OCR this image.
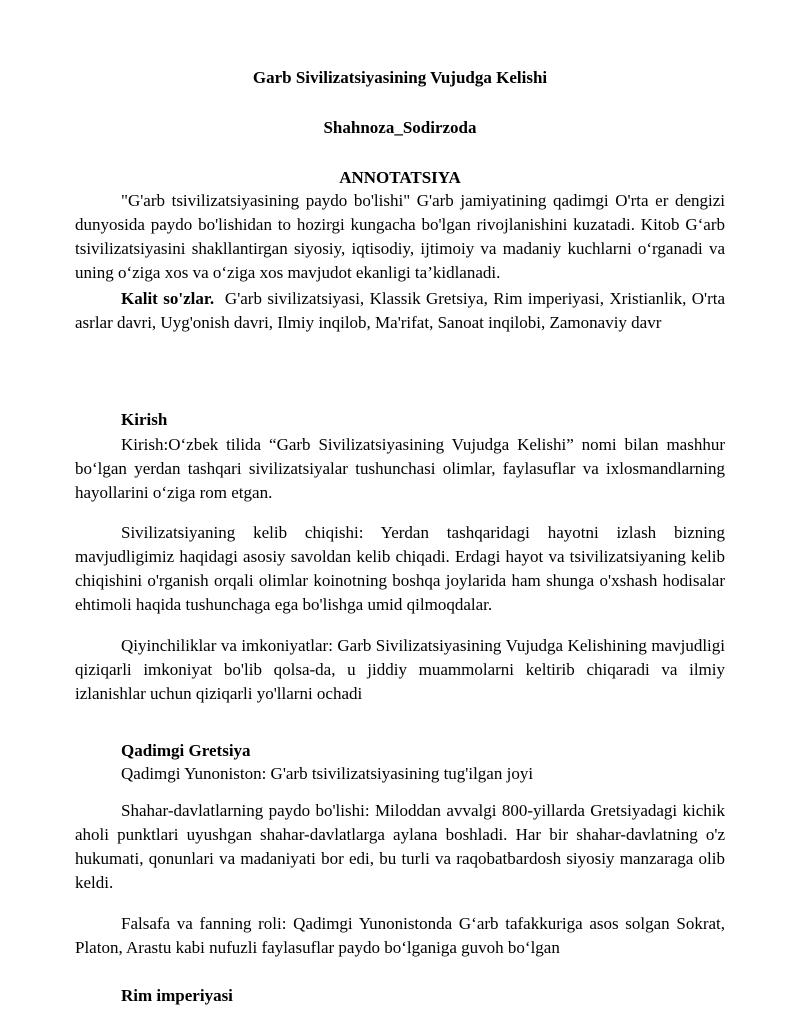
Garb Sivilizatsiyasining Vujudga Kelishi
Shahnoza_Sodirzoda
ANNOTATSIYA
"G'arb tsivilizatsiyasining paydo bo'lishi" G'arb jamiyatining qadimgi O'rta er dengizi dunyosida paydo bo'lishidan to hozirgi kungacha bo'lgan rivojlanishini kuzatadi. Kitob G‘arb tsivilizatsiyasini shakllantirgan siyosiy, iqtisodiy, ijtimoiy va madaniy kuchlarni o‘rganadi va uning o‘ziga xos va o‘ziga xos mavjudot ekanligi ta’kidlanadi.
Kalit so'zlar. G'arb sivilizatsiyasi, Klassik Gretsiya, Rim imperiyasi, Xristianlik, O'rta asrlar davri, Uyg'onish davri, Ilmiy inqilob, Ma'rifat, Sanoat inqilobi, Zamonaviy davr
Kirish
Kirish:O‘zbek tilida “Garb Sivilizatsiyasining Vujudga Kelishi” nomi bilan mashhur bo‘lgan yerdan tashqari sivilizatsiyalar tushunchasi olimlar, faylasuflar va ixlosmandlarning hayollarini o‘ziga rom etgan.
Sivilizatsiyaning kelib chiqishi: Yerdan tashqaridagi hayotni izlash bizning mavjudligimiz haqidagi asosiy savoldan kelib chiqadi. Erdagi hayot va tsivilizatsiyaning kelib chiqishini o'rganish orqali olimlar koinotning boshqa joylarida ham shunga o'xshash hodisalar ehtimoli haqida tushunchaga ega bo'lishga umid qilmoqdalar.
Qiyinchiliklar va imkoniyatlar: Garb Sivilizatsiyasining Vujudga Kelishining mavjudligi qiziqarli imkoniyat bo'lib qolsa-da, u jiddiy muammolarni keltirib chiqaradi va ilmiy izlanishlar uchun qiziqarli yo'llarni ochadi
Qadimgi Gretsiya
Qadimgi Yunoniston: G'arb tsivilizatsiyasining tug'ilgan joyi
Shahar-davlatlarning paydo bo'lishi: Miloddan avvalgi 800-yillarda Gretsiyadagi kichik aholi punktlari uyushgan shahar-davlatlarga aylana boshladi. Har bir shahar-davlatning o'z hukumati, qonunlari va madaniyati bor edi, bu turli va raqobatbardosh siyosiy manzaraga olib keldi.
Falsafa va fanning roli: Qadimgi Yunonistonda G‘arb tafakkuriga asos solgan Sokrat, Platon, Arastu kabi nufuzli faylasuflar paydo bo‘lganiga guvoh bo‘lgan
Rim imperiyasi
